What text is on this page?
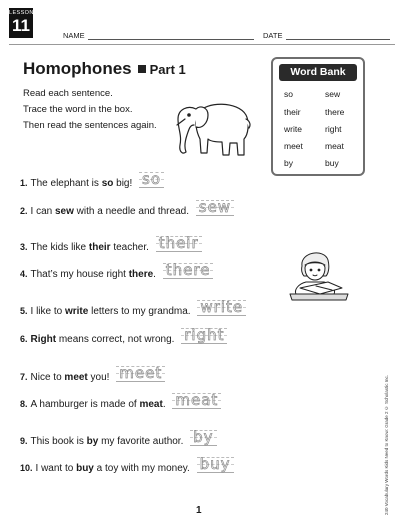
LESSON
11
NAME	DATE
Homophones Part 1
Read each sentence.
Trace the word in the box.
Then read the sentences again.
Word Bank
so
their
write
meet
by
sew
there
right
meat
buy
1. The elephant is so big! so
2. I can sew with a needle and thread. sew
3. The kids like their teacher. their
4. That’s my house right there. there
5. I like to write letters to my grandma. write
6. Right means correct, not wrong. right
7. Nice to meet you! meet
8. A hamburger is made of meat. meat
9. This book is by my favorite author. by
10. I want to buy a toy with my money. buy
1	240 Vocabulary Words Kids Need to Know: Grade 2 © Scholastic Inc.
